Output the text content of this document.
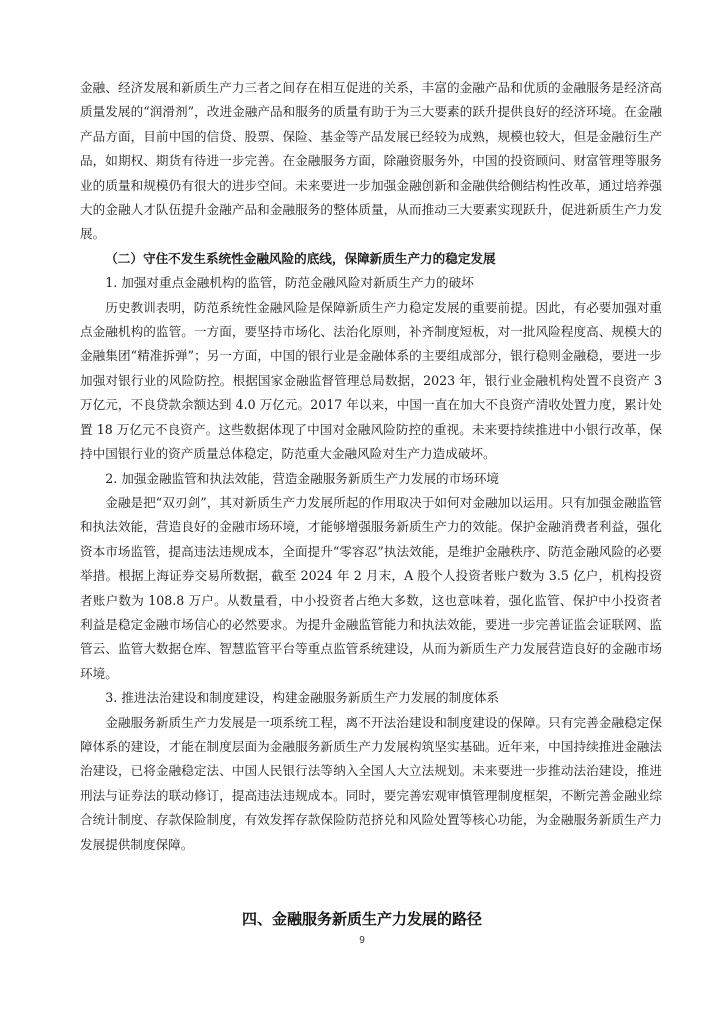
金融、经济发展和新质生产力三者之间存在相互促进的关系，丰富的金融产品和优质的金融服务是经济高质量发展的“润滑剂”，改进金融产品和服务的质量有助于为三大要素的跃升提供良好的经济环境。在金融产品方面，目前中国的信贷、股票、保险、基金等产品发展已经较为成熟，规模也较大，但是金融衍生产品，如期权、期货有待进一步完善。在金融服务方面，除融资服务外，中国的投资顾问、财富管理等服务业的质量和规模仍有很大的进步空间。未来要进一步加强金融创新和金融供给侧结构性改革，通过培养强大的金融人才队伍提升金融产品和金融服务的整体质量，从而推动三大要素实现跃升，促进新质生产力发展。

（二）守住不发生系统性金融风险的底线，保障新质生产力的稳定发展

1. 加强对重点金融机构的监管，防范金融风险对新质生产力的破坏

历史教训表明，防范系统性金融风险是保障新质生产力稳定发展的重要前提。因此，有必要加强对重点金融机构的监管。一方面，要坚持市场化、法治化原则，补齐制度短板，对一批风险程度高、规模大的金融集团“精准拆弹”；另一方面，中国的银行业是金融体系的主要组成部分，银行稳则金融稳，要进一步加强对银行业的风险防控。根据国家金融监督管理总局数据，2023 年，银行业金融机构处置不良资产 3 万亿元，不良贷款余额达到 4.0 万亿元。2017 年以来，中国一直在加大不良资产清收处置力度，累计处置 18 万亿元不良资产。这些数据体现了中国对金融风险防控的重视。未来要持续推进中小银行改革，保持中国银行业的资产质量总体稳定，防范重大金融风险对生产力造成破坏。

2. 加强金融监管和执法效能，营造金融服务新质生产力发展的市场环境

金融是把“双刃剑”，其对新质生产力发展所起的作用取决于如何对金融加以运用。只有加强金融监管和执法效能，营造良好的金融市场环境，才能够增强服务新质生产力的效能。保护金融消费者利益，强化资本市场监管，提高违法违规成本，全面提升“零容忍”执法效能，是维护金融秩序、防范金融风险的必要举措。根据上海证券交易所数据，截至 2024 年 2 月末，A 股个人投资者账户数为 3.5 亿户，机构投资者账户数为 108.8 万户。从数量看，中小投资者占绝大多数，这也意味着，强化监管、保护中小投资者利益是稳定金融市场信心的必然要求。为提升金融监管能力和执法效能，要进一步完善证监会证联网、监管云、监管大数据仓库、智慧监管平台等重点监管系统建设，从而为新质生产力发展营造良好的金融市场环境。

3. 推进法治建设和制度建设，构建金融服务新质生产力发展的制度体系

金融服务新质生产力发展是一项系统工程，离不开法治建设和制度建设的保障。只有完善金融稳定保障体系的建设，才能在制度层面为金融服务新质生产力发展构筑坚实基础。近年来，中国持续推进金融法治建设，已将金融稳定法、中国人民银行法等纳入全国人大立法规划。未来要进一步推动法治建设，推进刑法与证券法的联动修订，提高违法违规成本。同时，要完善宏观审慎管理制度框架，不断完善金融业综合统计制度、存款保险制度，有效发挥存款保险防范挤兑和风险处置等核心功能，为金融服务新质生产力发展提供制度保障。

四、金融服务新质生产力发展的路径
9
